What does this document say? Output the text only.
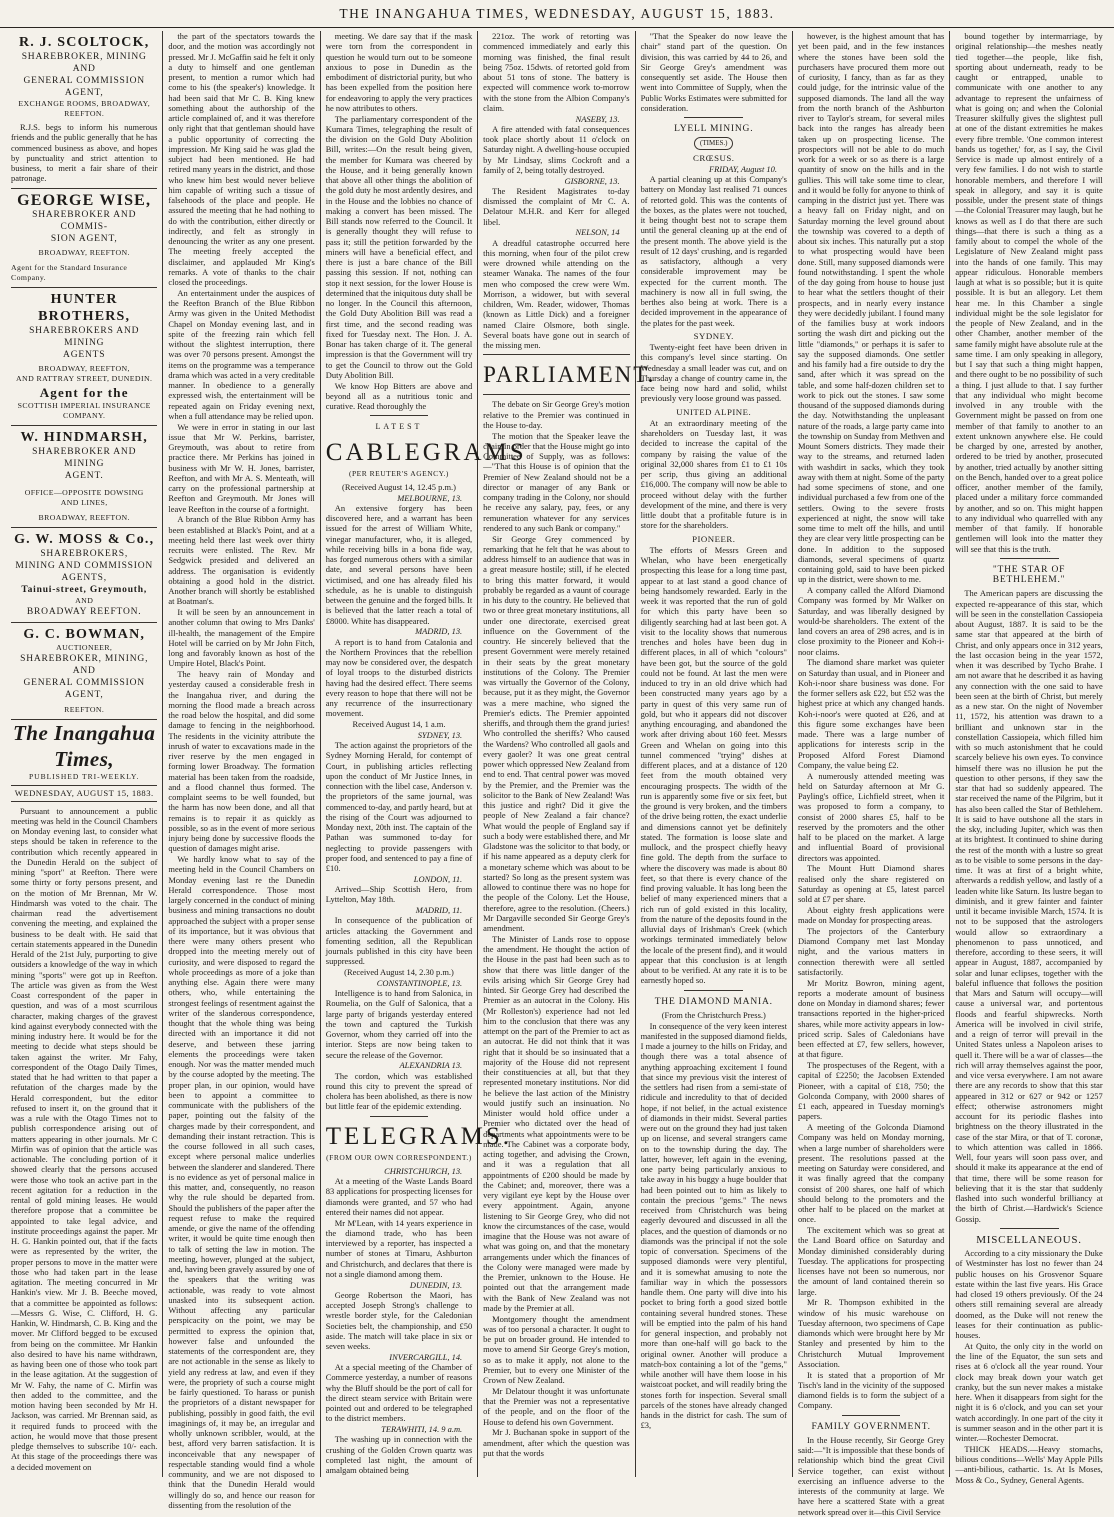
THE INANGAHUA TIMES, WEDNESDAY, AUGUST 15, 1883.
R. J. SCOLTOCK,
SHAREBROKER, MINING AND
GENERAL COMMISSION
AGENT,
EXCHANGE ROOMS, BROADWAY, REEFTON.

R.J.S. begs to inform his numerous friends and the public generally that he has commenced business as above, and hopes by punctuality and strict attention to business, to merit a fair share of their patronage.

GEORGE WISE,
SHAREBROKER AND COMMIS-
SION AGENT,
BROADWAY, REEFTON.
Agent for the Standard Insurance Company.
HUNTER BROTHERS,
SHAREBROKERS AND MINING
AGENTS
BROADWAY, REEFTON,
AND RATTRAY STREET, DUNEDIN.
Agent for the
SCOTTISH IMPERIAL INSURANCE
COMPANY.
W. HINDMARSH,
SHAREBROKER AND MINING
AGENT.
OFFICE—OPPOSITE DOWSING
AND LINES,
BROADWAY, REEFTON.
G. W. MOSS & Co.,
SHAREBROKERS,
MINING AND COMMISSION
AGENTS,
Tainui-street, Greymouth,
AND
BROADWAY REEFTON.
G. C. BOWMAN,
AUCTIONEER,
SHAREBROKER, MINING, AND
GENERAL COMMISSION
AGENT,
REEFTON.
The Inangahua Times,
PUBLISHED TRI-WEEKLY.
WEDNESDAY, AUGUST 15, 1883.

Pursuant to announcement a public meeting was held in the Council Chambers on Monday evening last, to consider what steps should be taken in reference to the contribution which recently appeared in the Dunedin Herald on the subject of mining "sport" at Reefton. There were some thirty or forty persons present, and on the motion of Mr Brennan, Mr W. Hindmarsh was voted to the chair. The chairman read the advertisement convening the meeting, and explained the business to be dealt with. He said that certain statements appeared in the Dunedin Herald of the 21st July, purporting to give outsiders a knowledge of the way in which mining "sports" were got up in Reefton. The article was given as from the West Coast correspondent of the paper in question, and was of a most scurrilous character, making charges of the gravest kind against everybody connected with the mining industry here. It would be for the meeting to decide what steps should be taken against the writer. Mr Fahy, correspondent of the Otago Daily Times, stated that he had written to that paper a refutation of the charges made by the Herald correspondent, but the editor refused to insert it, on the ground that it was a rule with the Otago Times not to publish correspondence arising out of matters appearing in other journals. Mr C Mirfin was of opinion that the article was actionable. The concluding portion of it showed clearly that the persons accused were those who took an active part in the recent agitation for a reduction in the rental of gold mining leases. He would therefore propose that a committee be appointed to take legal advice, and institute proceedings against the paper. Mr H. G. Hankin pointed out, that if the facts were as represented by the writer, the proper persons to move in the matter were those who had taken part in the lease agitation. The meeting concurred in Mr Hankin's view. Mr J. B. Beeche moved, that a committee be appointed as follows:—Messrs G. Wise, C. Clifford, H. G. Hankin, W. Hindmarsh, C. B. King and the mover. Mr Clifford begged to be excused from being on the committee. Mr Hankin also desired to have his name withdrawn, as having been one of those who took part in the lease agitation. At the suggestion of Mr W. Fahy, the name of C. Mirfin was then added to the committee, and the motion having been seconded by Mr H. Jackson, was carried. Mr Brennan said, as it required funds to proceed with the action, he would move that those present pledge themselves to subscribe 10/- each. At this stage of the proceedings there was a decided movement on

the part of the spectators towards the door, and the motion was accordingly not pressed. Mr J. McGaffin said he felt it only a duty to himself and one gentleman present, to mention a rumor which had come to his (the speaker's) knowledge. It had been said that Mr C. B. King knew something about the authorship of the article complained of, and it was therefore only right that that gentleman should have a public opportunity of correcting the impression. Mr King said he was glad the subject had been mentioned. He had retired many years in the district, and those who knew him best would never believe him capable of writing such a tissue of falsehoods of the place and people. He assured the meeting that he had nothing to do with the contribution, either directly or indirectly, and felt as strongly in denouncing the writer as any one present. The meeting freely accepted the disclaimer, and applauded Mr King's remarks. A vote of thanks to the chair closed the proceedings.

An entertainment under the auspices of the Reefton Branch of the Blue Ribbon Army was given in the United Methodist Chapel on Monday evening last, and in spite of the freezing rain which fell without the slightest interruption, there was over 70 persons present. Amongst the items on the programme was a temperance drama which was acted in a very creditable manner. In obedience to a generally expressed wish, the entertainment will be repeated again on Friday evening next, when a full attendance may be relied upon.

We were in error in stating in our last issue that Mr W. Perkins, barrister, Greymouth, was about to retire from practice there. Mr Perkins has joined in business with Mr W. H. Jones, barrister, Reefton, and with Mr A. S. Menteath, will carry on the professional partnership at Reefton and Greymouth. Mr Jones will leave Reefton in the course of a fortnight.

A branch of the Blue Ribbon Army has been established at Black's Point, and at a meeting held there last week over thirty recruits were enlisted. The Rev. Mr Sedgwick presided and delivered an address. The organisation is evidently obtaining a good hold in the district. Another branch will shortly be established at Boatman's.

It will be seen by an announcement in another column that owing to Mrs Danks' ill-health, the management of the Empire Hotel will be carried on by Mr John Fitch, long and favorably known as host of the Umpire Hotel, Black's Point.

The heavy rain of Monday and yesterday caused a considerable fresh in the Inangahua river, and during the morning the flood made a breach across the road below the hospital, and did some damage to fencing in the neighborhood. The residents in the vicinity attribute the inrush of water to excavations made in the river reserve by the men engaged in forming lower Broadway. The formation material has been taken from the roadside, and a flood channel thus formed. The complaint seems to be well founded, but the harm has now been done, and all that remains is to repair it as quickly as possible, so as in the event of more serious injury being done by successive floods the question of damages might arise.

We hardly know what to say of the meeting held in the Council Chambers on Monday evening last re the Dunedin Herald correspondence. Those most largely concerned in the conduct of mining business and mining transactions no doubt approached the subject with a proper sense of its importance, but it was obvious that there were many others present who dropped into the meeting merely out of curiosity, and were disposed to regard the whole proceedings as more of a joke than anything else. Again there were many others, who, while entertaining the strongest feelings of resentment against the writer of the slanderous correspondence, thought that the whole thing was being directed with an importance it did not deserve, and between these jarring elements the proceedings were taken enough. Nor was the matter mended much by the course adopted by the meeting. The proper plan, in our opinion, would have been to appoint a committee to communicate with the publishers of the paper, pointing out the falsity of the charges made by their correspondent, and demanding their instant retraction. This is the course followed in all such cases, except where personal malice underlies between the slanderer and slandered. There is no evidence as yet of personal malice in this matter, and, consequently, no reason why the rule should be departed from. Should the publishers of the paper after the request refuse to make the required amende, or give the name of the offending writer, it would be quite time enough then to talk of setting the law in motion. The meeting, however, plunged at the subject, and, having been gravely assured by one of the speakers that the writing was actionable, was ready to vote almost unasked into its subsequent action. Without affecting any particular perspicacity on the point, we may be permitted to express the opinion that, however false and unfounded the statements of the correspondent are, they are not actionable in the sense as likely to yield any redress at law, and even if they were, the propriety of such a course might be fairly questioned. To harass or punish the proprietors of a distant newspaper for publishing, possibly in good faith, the evil imaginings of, it may be, an irregular and wholly unknown scribbler, would, at the best, afford very barren satisfaction. It is inconceivable that any newspaper of respectable standing would find a whole community, and we are not disposed to think that the Dunedin Herald would willingly do so, and hence our reason for dissenting from the resolution of the

meeting. We dare say that if the mask were torn from the correspondent in question he would turn out to be someone anxious to pose in Dunedin as the embodiment of districtorial purity, but who has been expelled from the position here for endeavoring to apply the very practices he now attributes to others.

The parliamentary correspondent of the Kumara Times, telegraphing the result of the division on the Gold Duty Abolition Bill, writes:—On the result being given, the member for Kumara was cheered by the House, and it being generally known that above all other things the abolition of the gold duty he most ardently desires, and in the House and the lobbies no chance of making a convert has been missed. The Bill stands now referred to the Council. It is generally thought they will refuse to pass it; still the petition forwarded by the miners will have a beneficial effect, and there is just a bare chance of the Bill passing this session. If not, nothing can stop it next session, for the lower House is determined that the iniquitous duty shall be no longer. In the Council this afternoon, the Gold Duty Abolition Bill was read a first time, and the second reading was fixed for Tuesday next. The Hon. J. A. Bonar has taken charge of it. The general impression is that the Government will try to get the Council to throw out the Gold Duty Abolition Bill.

We know Hop Bitters are above and beyond all as a nutritious tonic and curative. Read thoroughly the

LATEST
CABLEGRAMS
(PER REUTER'S AGENCY.)

(Received August 14, 12.45 p.m.)

MELBOURNE, 13.

An extensive forgery has been discovered here, and a warrant has been issued for the arrest of William White, vinegar manufacturer, who, it is alleged, while receiving bills in a bona fide way, has forged numerous others with a similar date, and several persons have been victimised, and one has already filed his schedule, as he is unable to distinguish between the genuine and the forged bills. It is believed that the latter reach a total of £8000. White has disappeared.

MADRID, 13.

A report is to hand from Catalonia and the Northern Provinces that the rebellion may now be considered over, the despatch of loyal troops to the disturbed districts having had the desired effect. There seems every reason to hope that there will not be any recurrence of the insurrectionary movement.

Received August 14, 1 a.m.

SYDNEY, 13.

The action against the proprietors of the Sydney Morning Herald, for contempt of Court, in publishing articles reflecting upon the conduct of Mr Justice Innes, in connection with the libel case, Anderson v. the proprietors of the same journal, was commenced to-day, and partly heard, but at the rising of the Court was adjourned to Monday next, 20th inst. The captain of the Pathan was summoned to-day for neglecting to provide passengers with proper food, and sentenced to pay a fine of £10.

LONDON, 11.

Arrived—Ship Scottish Hero, from Lyttelton, May 18th.

MADRID, 11.

In consequence of the publication of articles attacking the Government and fomenting sedition, all the Republican journals published in this city have been suppressed.

(Received August 14, 2.30 p.m.)

CONSTANTINOPLE, 13.

Intelligence is to hand from Salonica, in Roumelia, on the Gulf of Salonica, that a large party of brigands yesterday entered the town and captured the Turkish Governor, whom they carried off into the interior. Steps are now being taken to secure the release of the Governor.

ALEXANDRIA 13.

The cordon, which was established round this city to prevent the spread of cholera has been abolished, as there is now but little fear of the epidemic extending.

TELEGRAMS.
(FROM OUR OWN CORRESPONDENT.)
CHRISTCHURCH, 13.

At a meeting of the Waste Lands Board 83 applications for prospecting licenses for diamonds were granted, and 57 who had entered their names did not appear.

Mr M'Lean, with 14 years experience in the diamond trade, who has been interviewed by a reporter, has inspected a number of stones at Timaru, Ashburton and Christchurch, and declares that there is not a single diamond among them.

DUNEDIN, 13.

George Robertson the Maori, has accepted Joseph Strong's challenge to wrestle border style, for the Caledonian Societies belt, the championship, and £50 aside. The match will take place in six or seven weeks.

INVERCARGILL, 14.

At a special meeting of the Chamber of Commerce yesterday, a number of reasons why the Bluff should be the port of call for the direct steam service with Britain were pointed out and ordered to be telegraphed to the district members.

TERAWHITI, 14. 9 a.m.

The washing up in connection with the crushing of the Golden Crown quartz was completed last night, the amount of amalgam obtained being

221oz. The work of retorting was commenced immediately and early this morning was finished, the final result being 75oz. 15dwts. of retorted gold from about 51 tons of stone. The battery is expected will commence work to-morrow with the stone from the Albion Company's claim.

NASEBY, 13.

A fire attended with fatal consequences took place shortly about 11 o'clock on Saturday night. A dwelling-house occupied by Mr Lindsay, slims Cockroft and a family of 2, being totally destroyed.

GISBORNE, 13.

The Resident Magistrates to-day dismissed the complaint of Mr C. A. Delatour M.H.R. and Kerr for alleged libel.

NELSON, 14

A dreadful catastrophe occurred here this morning, when four of the pilot crew were drowned while attending on the steamer Wanaka. The names of the four men who composed the crew were Wm. Morrison, a widower, but with several children, Wm. Reader, widower, Thomas (known as Little Dick) and a foreigner named Claire Olsmore, both single. Several boats have gone out in search of the missing men.

PARLIAMENT.

The debate on Sir George Grey's motion relative to the Premier was continued in the House to-day.

The motion that the Speaker leave the chair, in order that the House might go into Committee of Supply, was as follows:—"That this House is of opinion that the Premier of New Zealand should not be a director or manager of any Bank or company trading in the Colony, nor should he receive any salary, pay, fees, or any remuneration whatever for any services rendered to any such Bank or company."

Sir George Grey commenced by remarking that he felt that he was about to address himself to an audience that was in a great measure hostile; still, if he elected to bring this matter forward, it would probably be regarded as a vaunt of courage in his duty to the country. He believed that two or three great monetary institutions, all under one directorate, exercised great influence on the Government of the country. He sincerely believed that the present Government were merely retained in their seats by the great monetary institutions of the Colony. The Premier was virtually the Governor of the Colony, because, put it as they might, the Governor was a mere machine, who signed the Premier's edicts. The Premier appointed sheriffs, and through them the grand juries! Who controlled the sheriffs? Who caused the Wardens? Who controlled all gaols and every gaoler? It was one great central power which oppressed New Zealand from end to end. That central power was moved by the Premier, and the Premier was the solicitor to the Bank of New Zealand! Was this justice and right? Did it give the people of New Zealand a fair chance? What would the people of England say if such a body were established there, and Mr Gladstone was the solicitor to that body, or if his name appeared as a deputy clerk for a monetary scheme which was about to be started? So long as the present system was allowed to continue there was no hope for the people of the Colony. Let the House, therefore, agree to the resolution. (Cheers.) Mr Dargaville seconded Sir George Grey's amendment.

The Minister of Lands rose to oppose the amendment. He thought the action of the House in the past had been such as to show that there was little danger of the evils arising which Sir George Grey had hinted. Sir George Grey had described the Premier as an autocrat in the Colony. His (Mr Rolleston's) experience had not led him to the conclusion that there was any attempt on the part of the Premier to act as an autocrat. He did not think that it was right that it should be so insinuated that a majority of the House did not represent their constituencies at all, but that they represented monetary institutions. Nor did he believe the last action of the Ministry would justify such an insinuation. No Minister would hold office under a Premier who dictated over the head of departments what appointments were to be made. The Cabinet was a corporate body, acting together, and advising the Crown, and it was a regulation that all appointments of £200 should be made by the Cabinet; and, moreover, there was a very vigilant eye kept by the House over every appointment. Again, anyone listening to Sir George Grey, who did not know the circumstances of the case, would imagine that the House was not aware of what was going on, and that the monetary arrangements under which the finances of the Colony were managed were made by the Premier, unknown to the House. He pointed out that the arrangement made with the Bank of New Zealand was not made by the Premier at all.

Montgomery thought the amendment was of too personal a character. It ought to be put on broader ground. He intended to move to amend Sir George Grey's motion, so as to make it apply, not alone to the Premier, but to every one Minister of the Crown of New Zealand.

Mr Delatour thought it was unfortunate that the Premier was not a representative of the people, and on the floor of the House to defend his own Government.

Mr J. Buchanan spoke in support of the amendment, after which the question was put that the words

"That the Speaker do now leave the chair" stand part of the question. On division, this was carried by 44 to 26, and Sir George Grey's amendment was consequently set aside. The House then went into Committee of Supply, when the Public Works Estimates were submitted for consideration.

LYELL MINING.
(TIMES.)
CRŒSUS.
FRIDAY, August 10.

A partial cleaning up at this Company's battery on Monday last realised 71 ounces of retorted gold. This was the contents of the boxes, as the plates were not touched, it being thought best not to scrape them until the general cleaning up at the end of the present month. The above yield is the result of 12 days' crushing, and is regarded as satisfactory, although a very considerable improvement may be expected for the current month. The machinery is now all in full swing, the berthes also being at work. There is a decided improvement in the appearance of the plates for the past week.

SYDNEY.

Twenty-eight feet have been driven in this company's level since starting. On Wednesday a small leader was cut, and on Thursday a change of country came in, the face being now hard and solid, whilst previously very loose ground was passed.

UNITED ALPINE.

At an extraordinary meeting of the shareholders on Tuesday last, it was decided to increase the capital of the company by raising the value of the original 32,000 shares from £1 to £1 10s per scrip, thus giving an additional £16,000. The company will now be able to proceed without delay with the further development of the mine, and there is very little doubt that a profitable future is in store for the shareholders.

PIONEER.

The efforts of Messrs Green and Whelan, who have been energetically prospecting this lease for a long time past, appear to at last stand a good chance of being handsomely rewarded. Early in the week it was reported that the run of gold for which this party have been so diligently searching had at last been got. A visit to the locality shows that numerous trenches and holes have been dug in different places, in all of which "colours" have been got, but the source of the gold could not be found. At last the men were induced to try in an old drive which had been constructed many years ago by a party in quest of this very same run of gold, but who it appears did not discover anything encouraging, and abandoned the work after driving about 160 feet. Messrs Green and Whelan on going into this tunnel commenced "trying" dishes at different places, and at a distance of 120 feet from the mouth obtained very encouraging prospects. The width of the run is apparently some five or six feet, but the ground is very broken, and the timbers of the drive being rotten, the exact underlie and dimensions cannot yet be definitely stated. The formation is loose slate and mullock, and the prospect chiefly heavy fine gold. The depth from the surface to where the discovery was made is about 80 feet, so that there is every chance of the find proving valuable. It has long been the belief of many experienced miners that a rich run of gold existed in this locality, from the nature of the deposits found in the alluvial days of Irishman's Creek (which workings terminated immediately below the locale of the present find), and it would appear that this conclusion is at length about to be verified. At any rate it is to be earnestly hoped so.

THE DIAMOND MANIA.

(From the Christchurch Press.)

In consequence of the very keen interest manifested in the supposed diamond fields, I made a journey to the hills on Friday, and though there was a total absence of anything approaching excitement I found that since my previous visit the interest of the settlers had risen from a semi-state of ridicule and incredulity to that of decided hope, if not belief, in the actual existence of diamonds in their midst. Several parties were out on the ground they had just taken up on license, and several strangers came on to the township during the day. The latter, however, left again in the evening, one party being particularly anxious to take away in his buggy a huge boulder that had been pointed out to him as likely to contain the precious "gems." The news received from Christchurch was being eagerly devoured and discussed in all the places, and the question of diamonds or no diamonds was the principal if not the sole topic of conversation. Specimens of the supposed diamonds were very plentiful, and it is somewhat amusing to note the familiar way in which the possessors handle them. One party will dive into his pocket to bring forth a good sized bottle containing several hundred stones. These will be emptied into the palm of his hand for general inspection, and probably not more than one-half will go back to the original owner. Another will produce a match-box containing a lot of the "gems," while another will have them loose in his waistcoat pocket, and will readily bring the stones forth for inspection. Several small parcels of the stones have already changed hands in the district for cash. The sum of £3,

however, is the highest amount that has yet been paid, and in the few instances where the stones have been sold the purchasers have procured them more out of curiosity, I fancy, than as far as they could judge, for the intrinsic value of the supposed diamonds. The land all the way from the north branch of the Ashburton river to Taylor's stream, for several miles back into the ranges has already been taken up on prospecting license. The prospectors will not be able to do much work for a week or so as there is a large quantity of snow on the hills and in the gullies. This will take some time to clear, and it would be folly for anyone to think of camping in the district just yet. There was a heavy fall on Friday night, and on Saturday morning the level ground about the township was covered to a depth of about six inches. This naturally put a stop to what prospecting would have been done. Still, many supposed diamonds were found notwithstanding. I spent the whole of the day going from house to house just to hear what the settlers thought of their prospects, and in nearly every instance they were decidedly jubilant. I found many of the families busy at work indoors sorting the wash dirt and picking out the little "diamonds," or perhaps it is safer to say the supposed diamonds. One settler and his family had a fire outside to dry the sand, after which it was spread on the table, and some half-dozen children set to work to pick out the stones. I saw some thousand of the supposed diamonds during the day. Notwithstanding the unpleasant nature of the roads, a large party came into the township on Sunday from Methven and Mount Somers districts. They made their way to the streams, and returned laden with washdirt in sacks, which they took away with them at night. Some of the party had some specimens of stone, and one individual purchased a few from one of the settlers. Owing to the severe frosts experienced at night, the snow will take some time to melt off the hills, and until they are clear very little prospecting can be done. In addition to the supposed diamonds, several specimens of quartz containing gold, said to have been picked up in the district, were shown to me.

A company called the Alford Diamond Company was formed by Mr Walker on Saturday, and was liberally designed by would-be shareholders. The extent of the land covers an area of 298 acres, and is in close proximity to the Pioneer and Koh-i-noor claims.

The diamond share market was quieter on Saturday than usual, and in Pioneer and Koh-i-noor share business was done. For the former sellers ask £22, but £52 was the highest price at which any changed hands. Koh-i-noor's were quoted at £26, and at this figure some exchanges have been made. There was a large number of applications for interests scrip in the Proposed Alford Forest Diamond Company, the value being £2.

A numerously attended meeting was held on Saturday afternoon at Mr G. Payling's office, Lichfield street, when it was proposed to form a company, to consist of 2000 shares £5, half to be reserved by the promoters and the other half to be placed on the market. A large and influential Board of provisional directors was appointed.

The Mount Hutt Diamond shares realised only the share registered on Saturday as opening at £5, latest parcel sold at £7 per share.

About eighty fresh applications were made on Monday for prospecting areas.

The projectors of the Canterbury Diamond Company met last Monday night, and the various matters in connection therewith were all settled satisfactorily.

Mr Moritz Bowron, mining agent, reports a moderate amount of business done on Monday in diamond shares; fewer transactions reported in the higher-priced shares, while more activity appears in low-priced scrip. Sales of Caledonians have been effected at £7, few sellers, however, at that figure.

The prospectuses of the Regent, with a capital of £2250; the Jacobsen Extended Pioneer, with a capital of £18, 750; the Golconda Company, with 2000 shares of £1 each, appeared in Tuesday morning's papers.

A meeting of the Golconda Diamond Company was held on Monday morning, when a large number of shareholders were present. The resolutions passed at the meeting on Saturday were considered, and it was finally agreed that the company consist of 200 shares, one half of which should belong to the promoters and the other half to be placed on the market at once.

The excitement which was so great at the Land Board office on Saturday and Monday diminished considerably during Tuesday. The applications for prospecting licenses have not been so numerous, nor the amount of land contained therein so large.

Mr R. Thompson exhibited in the window of his music warehouse on Tuesday afternoon, two specimens of Cape diamonds which were brought here by Mr Stanley and presented by him to the Christchurch Mutual Improvement Association.

It is stated that a proportion of Mr Tisch's land in the vicinity of the supposed diamond fields is to form the subject of a Company.

FAMILY GOVERNMENT.

In the House recently, Sir George Grey said:—"It is impossible that these bonds of relationship which bind the great Civil Service together, can exist without exercising an influence adverse to the interests of the community at large. We have here a scattered State with a great network spread over it—this Civil Service

bound together by intermarriage, by original relationship—the meshes neatly tied together—the people, like fish, sporting about underneath, ready to be caught or entrapped, unable to communicate with one another to any advantage to represent the unfairness of what is going on; and when the Colonial Treasurer skilfully gives the slightest pull at one of the distant extremities he makes every fibre tremble. 'One common interest bands us together,' for, as I say, the Civil Service is made up almost entirely of a very few families. I do not wish to startle honorable members, and therefore I will speak in allegory, and say it is quite possible, under the present state of things—the Colonial Treasurer may laugh, but he knows as well as I do that there are such things—that there is such a thing as a family about to compel the whole of the Legislature of New Zealand might pass into the hands of one family. This may appear ridiculous. Honorable members laugh at what is so possible; but it is quite possible. It is but an allegory. Let them hear me. In this Chamber a single individual might be the sole legislator for the people of New Zealand, and in the other Chamber, another member of the same family might have absolute rule at the same time. I am only speaking in allegory, but I say that such a thing might happen, and there ought to be no possibility of such a thing. I just allude to that. I say further that any individual who might become involved in any trouble with the Government might be passed on from one member of that family to another to an extent unknown anywhere else. He could be charged by one, arrested by another, ordered to be tried by another, prosecuted by another, tried actually by another sitting on the Bench, handed over to a great police officer, another member of the family, placed under a military force commanded by another, and so on. This might happen to any individual who quarrelled with any member of that family. If honorable gentlemen will look into the matter they will see that this is the truth.

"THE STAR OF BETHLEHEM."

The American papers are discussing the expected re-appearance of this star, which will be seen in the constellation Cassiopeia about August, 1887. It is said to be the same star that appeared at the birth of Christ, and only appears once in 312 years, the last occasion being in the year 1572, when it was described by Tycho Brahe. I am not aware that he described it as having any connection with the one said to have been seen at the birth of Christ, but merely as a new star. On the night of November 11, 1572, his attention was drawn to a brilliant and unknown star in the constellation Cassiopeia, which filled him with so much astonishment that he could scarcely believe his own eyes. To convince himself there was no illusion he put the question to other persons, if they saw the star that had so suddenly appeared. The star received the name of the Pilgrim, but it has also been called the Star of Bethlehem. It is said to have outshone all the stars in the sky, including Jupiter, which was then at its brightest. It continued to shine during the rest of the month with a lustre so great as to be visible to some persons in the day-time. It was at first of a bright white, afterwards a reddish yellow, and lastly of a leaden white like Saturn. Its lustre began to diminish, and it grew fainter and fainter until it became invisible March, 1574. It is not to be supposed that the astrologers would allow so extraordinary a phenomenon to pass unnoticed, and therefore, according to these seers, it will appear in August, 1887, accompanied by solar and lunar eclipses, together with the baleful influence that follows the position that Mars and Saturn will occupy—will cause a universal war, and portentous floods and fearful shipwrecks. North America will be involved in civil strife, and a reign of terror will prevail in the United States unless a Napoleon arises to quell it. There will be a war of classes—the rich will array themselves against the poor, and vice versa everywhere. I am not aware there are any records to show that this star appeared in 312 or 627 or 942 or 1257 effect; otherwise astronomers might account for its periodic flashes into brightness on the theory illustrated in the case of the star Mira, or that of T. coronæ, to which attention was called in 1866. Well, four years will soon pass over, and should it make its appearance at the end of that time, there will be some reason for believing that it is the star that suddenly flashed into such wonderful brilliancy at the birth of Christ.—Hardwick's Science Gossip.

MISCELLANEOUS.

According to a city missionary the Duke of Westminster has lost no fewer than 24 public houses on his Grosvenor Square estate within the last five years. His Grace had closed 19 others previously. Of the 24 others still remaining several are already doomed, as the Duke will not renew the leases for their continuation as public-houses.

At Quito, the only city in the world on the line of the Equator, the sun sets and rises at 6 o'clock all the year round. Your clock may break down your watch get cranky, but the sun never makes a mistake here. When it disappears from sight for the night it is 6 o'clock, and you can set your watch accordingly. In one part of the city it is summer season and in the other part it is winter.—Rochester Democrat.

THICK HEADS.—Heavy stomachs, bilious conditions—Wells' May Apple Pills—anti-bilious, cathartic. 1s. At Is Moses, Moss & Co., Sydney, General Agents.
